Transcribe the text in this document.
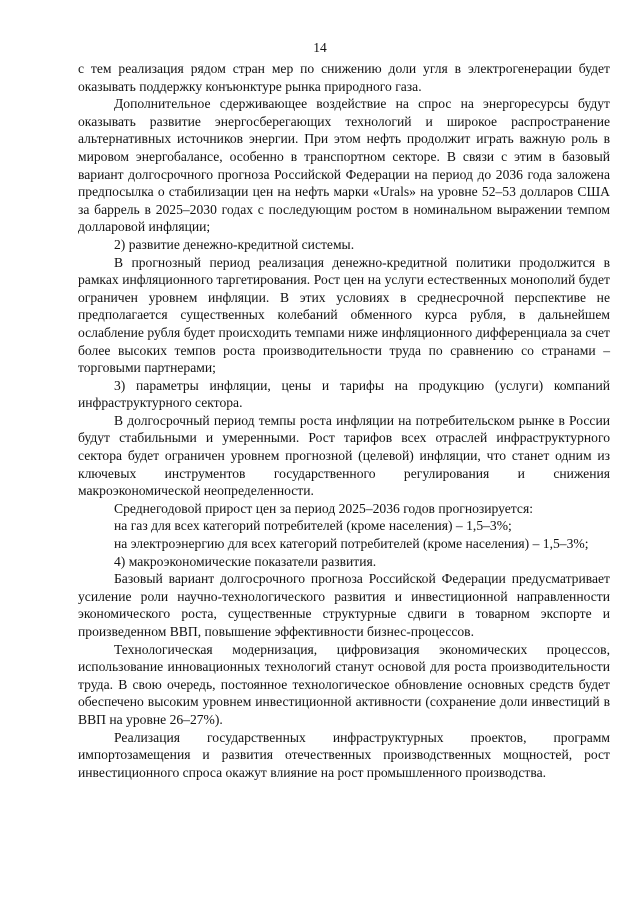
14

с тем реализация рядом стран мер по снижению доли угля в электрогенерации будет оказывать поддержку конъюнктуре рынка природного газа.

Дополнительное сдерживающее воздействие на спрос на энергоресурсы будут оказывать развитие энергосберегающих технологий и широкое распространение альтернативных источников энергии. При этом нефть продолжит играть важную роль в мировом энергобалансе, особенно в транспортном секторе. В связи с этим в базовый вариант долгосрочного прогноза Российской Федерации на период до 2036 года заложена предпосылка о стабилизации цен на нефть марки «Urals» на уровне 52–53 долларов США за баррель в 2025–2030 годах с последующим ростом в номинальном выражении темпом долларовой инфляции;

2) развитие денежно-кредитной системы.

В прогнозный период реализация денежно-кредитной политики продолжится в рамках инфляционного таргетирования. Рост цен на услуги естественных монополий будет ограничен уровнем инфляции. В этих условиях в среднесрочной перспективе не предполагается существенных колебаний обменного курса рубля, в дальнейшем ослабление рубля будет происходить темпами ниже инфляционного дифференциала за счет более высоких темпов роста производительности труда по сравнению со странами – торговыми партнерами;

3) параметры инфляции, цены и тарифы на продукцию (услуги) компаний инфраструктурного сектора.

В долгосрочный период темпы роста инфляции на потребительском рынке в России будут стабильными и умеренными. Рост тарифов всех отраслей инфраструктурного сектора будет ограничен уровнем прогнозной (целевой) инфляции, что станет одним из ключевых инструментов государственного регулирования и снижения макроэкономической неопределенности.

Среднегодовой прирост цен за период 2025–2036 годов прогнозируется:

на газ для всех категорий потребителей (кроме населения) – 1,5–3%;

на электроэнергию для всех категорий потребителей (кроме населения) – 1,5–3%;

4) макроэкономические показатели развития.

Базовый вариант долгосрочного прогноза Российской Федерации предусматривает усиление роли научно-технологического развития и инвестиционной направленности экономического роста, существенные структурные сдвиги в товарном экспорте и произведенном ВВП, повышение эффективности бизнес-процессов.

Технологическая модернизация, цифровизация экономических процессов, использование инновационных технологий станут основой для роста производительности труда. В свою очередь, постоянное технологическое обновление основных средств будет обеспечено высоким уровнем инвестиционной активности (сохранение доли инвестиций в ВВП на уровне 26–27%).

Реализация государственных инфраструктурных проектов, программ импортозамещения и развития отечественных производственных мощностей, рост инвестиционного спроса окажут влияние на рост промышленного производства.
